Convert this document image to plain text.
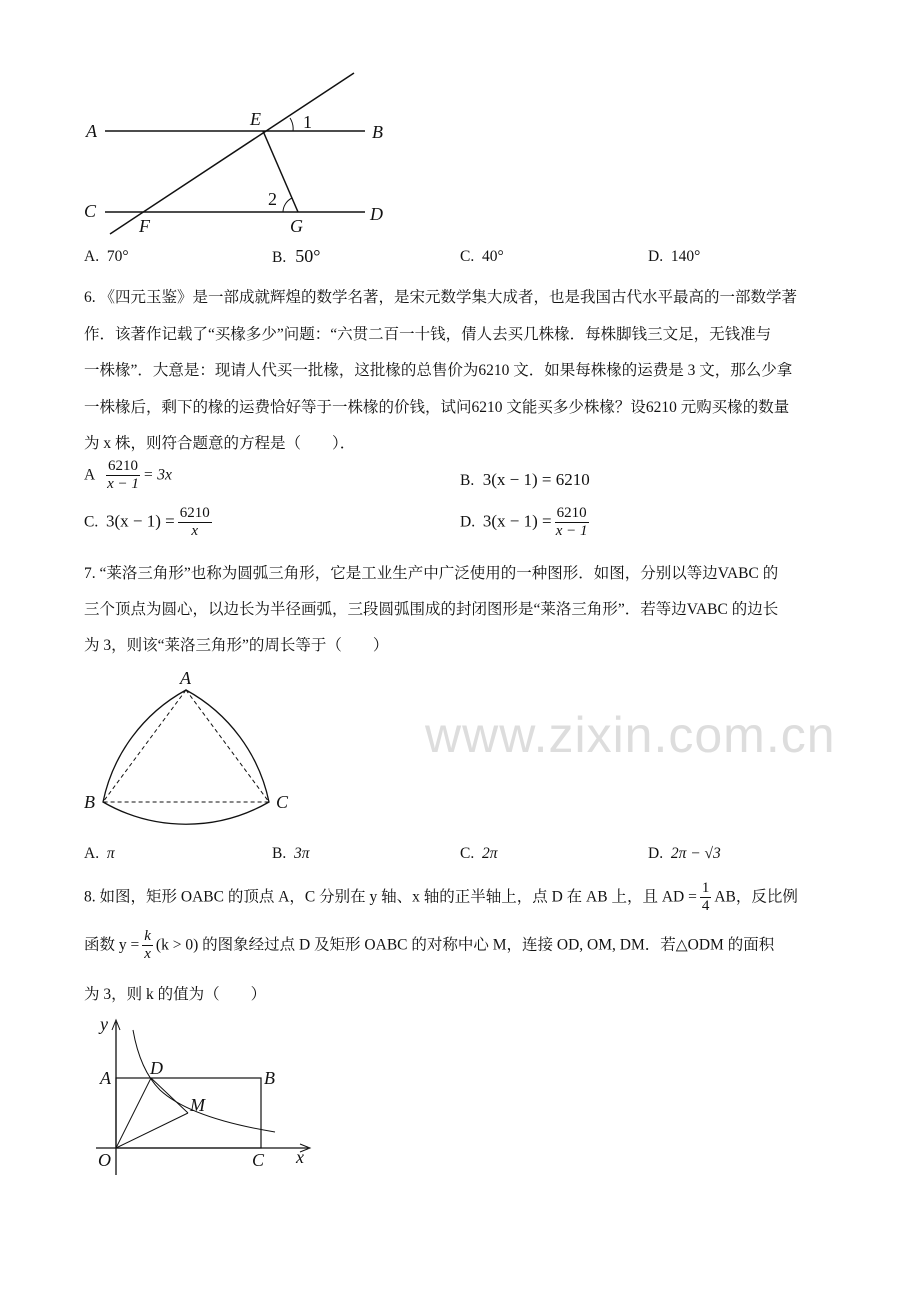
www.zixin.com.cn
A
E 1	B
C
F
2
G
D
A. 70°	B. 50°	C. 40°	D. 140°
6. 《四元玉鉴》是一部成就辉煌的数学名著，是宋元数学集大成者，也是我国古代水平最高的一部数学著
作．该著作记载了“买椽多少”问题：“六贯二百一十钱，倩人去买几株椽．每株脚钱三文足，无钱准与
一株椽”．大意是：现请人代买一批椽，这批椽的总售价为6210 文．如果每株椽的运费是 3 文，那么少拿
一株椽后，剩下的椽的运费恰好等于一株椽的价钱，试问6210 文能买多少株椽？设6210 元购买椽的数量
为 x 株，则符合题意的方程是（　　）．
A $\frac{6210}{x - 1} = 3x$	B. 3(x − 1) = 6210
C. $3(x - 1) = \frac{6210}{x}$	D. $3(x - 1) = \frac{6210}{x - 1}$
7. “莱洛三角形”也称为圆弧三角形，它是工业生产中广泛使用的一种图形．如图，分别以等边VABC 的
三个顶点为圆心，以边长为半径画弧，三段圆弧围成的封闭图形是“莱洛三角形”．若等边VABC 的边长
为 3，则该“莱洛三角形”的周长等于（　　）
A
B	C
A. π	B. 3π	C. 2π	D. 2π − √3
8. 如图，矩形 OABC 的顶点 A，C 分别在 y 轴、x 轴的正半轴上，点 D 在 AB 上，且 AD = $\frac{1}{4}$ AB，反比例
函数 $y = \frac{k}{x} (k > 0)$ 的图象经过点 D 及矩形 OABC 的对称中心 M，连接 OD, OM, DM．若△ODM 的面积
为 3，则 k 的值为（　　）
y
A D	B
M
O	C x
